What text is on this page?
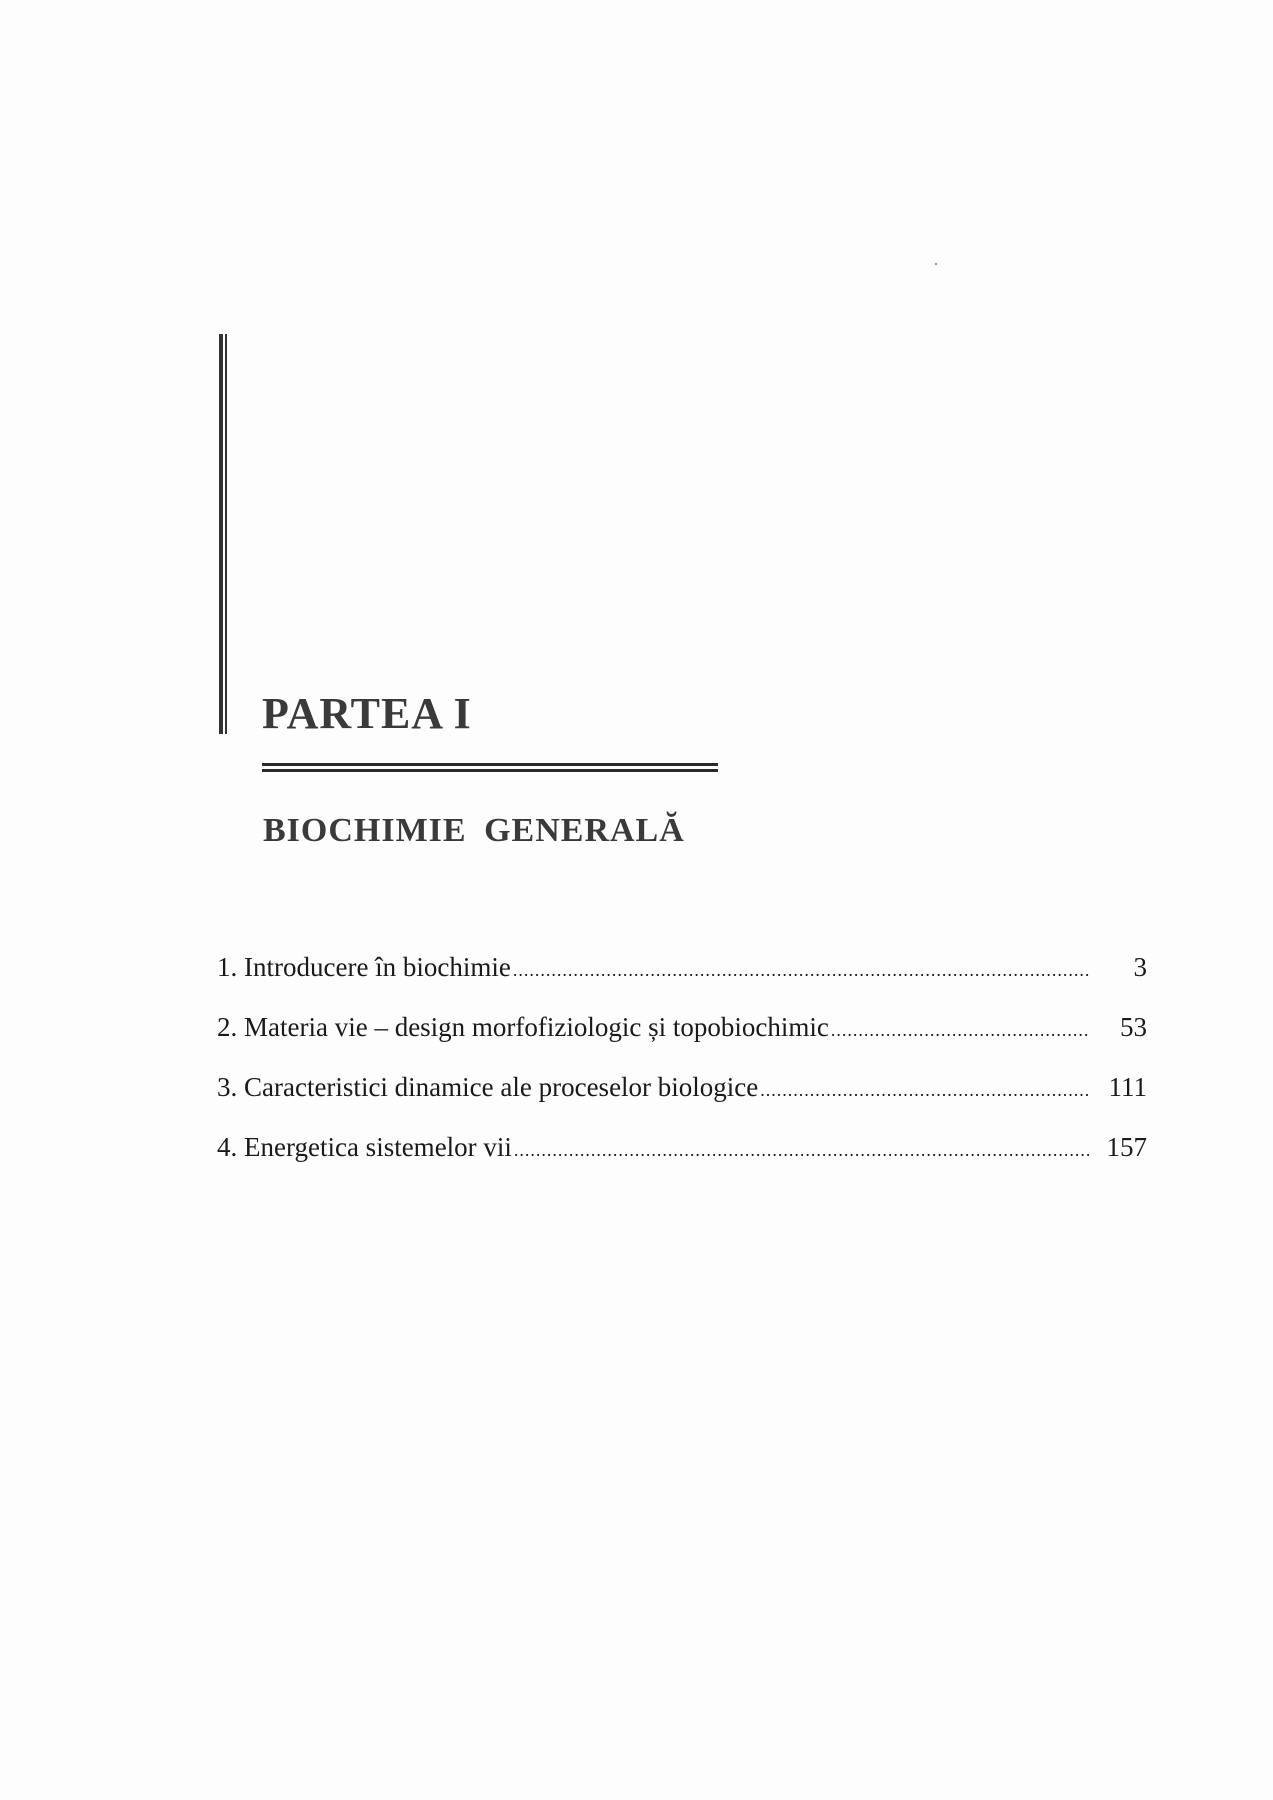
PARTEA I
BIOCHIMIE GENERALĂ
1. Introducere în biochimie .....	3
2. Materia vie – design morfofiziologic și topobiochimic .....	53
3. Caracteristici dinamice ale proceselor biologice .....	111
4. Energetica sistemelor vii .....	157
